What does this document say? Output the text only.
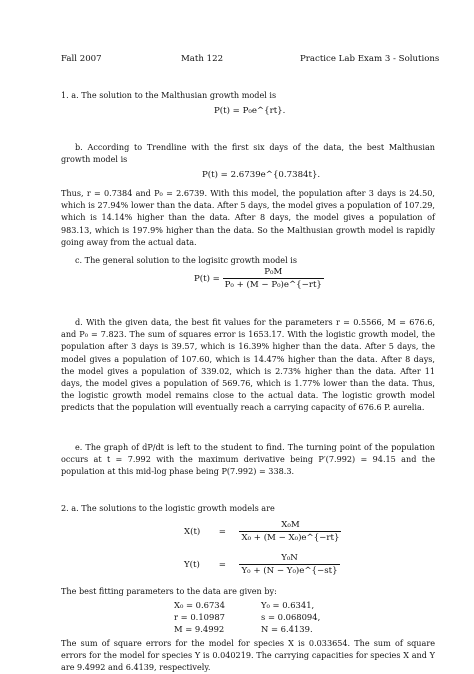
Fall 2007	Math 122	Practice Lab Exam 3 - Solutions

1. a. The solution to the Malthusian growth model is

P(t) = P₀e^{rt}.

b. According to Trendline with the first six days of the data, the best Malthusian growth model is

P(t) = 2.6739e^{0.7384t}.

Thus, r = 0.7384 and P₀ = 2.6739. With this model, the population after 3 days is 24.50, which is 27.94% lower than the data. After 5 days, the model gives a population of 107.29, which is 14.14% higher than the data. After 8 days, the model gives a population of 983.13, which is 197.9% higher than the data. So the Malthusian growth model is rapidly going away from the actual data.

c. The general solution to the logisitc growth model is

$P(t) = \frac{\text{P₀M}}{\text{P₀ + (M − P₀)e\textasciicircum{}\{−rt\}}}$

d. With the given data, the best fit values for the parameters r = 0.5566, M = 676.6, and P₀ = 7.823. The sum of squares error is 1653.17. With the logistic growth model, the population after 3 days is 39.57, which is 16.39% higher than the data. After 5 days, the model gives a population of 107.60, which is 14.47% higher than the data. After 8 days, the model gives a population of 339.02, which is 2.73% higher than the data. After 11 days, the model gives a population of 569.76, which is 1.77% lower than the data. Thus, the logistic growth model remains close to the actual data. The logistic growth model predicts that the population will eventually reach a carrying capacity of 676.6 P. aurelia.

e. The graph of dP/dt is left to the student to find. The turning point of the population occurs at t = 7.992 with the maximum derivative being P′(7.992) = 94.15 and the population at this mid-log phase being P(7.992) = 338.3.

2. a. The solutions to the logistic growth models are

$X(t) = \frac{\text{X₀M}}{\text{X₀ + (M − X₀)e\textasciicircum{}\{−rt\}}}$
$Y(t) = \frac{\text{Y₀N}}{\text{Y₀ + (N − Y₀)e\textasciicircum{}\{−st\}}}$

The best fitting parameters to the data are given by:

X₀ = 0.6734	Y₀ = 0.6341,
r = 0.10987	s = 0.068094,
M = 9.4992	N = 6.4139.

The sum of square errors for the model for species X is 0.033654. The sum of square errors for the model for species Y is 0.040219. The carrying capacities for species X and Y are 9.4992 and 6.4139, respectively.
